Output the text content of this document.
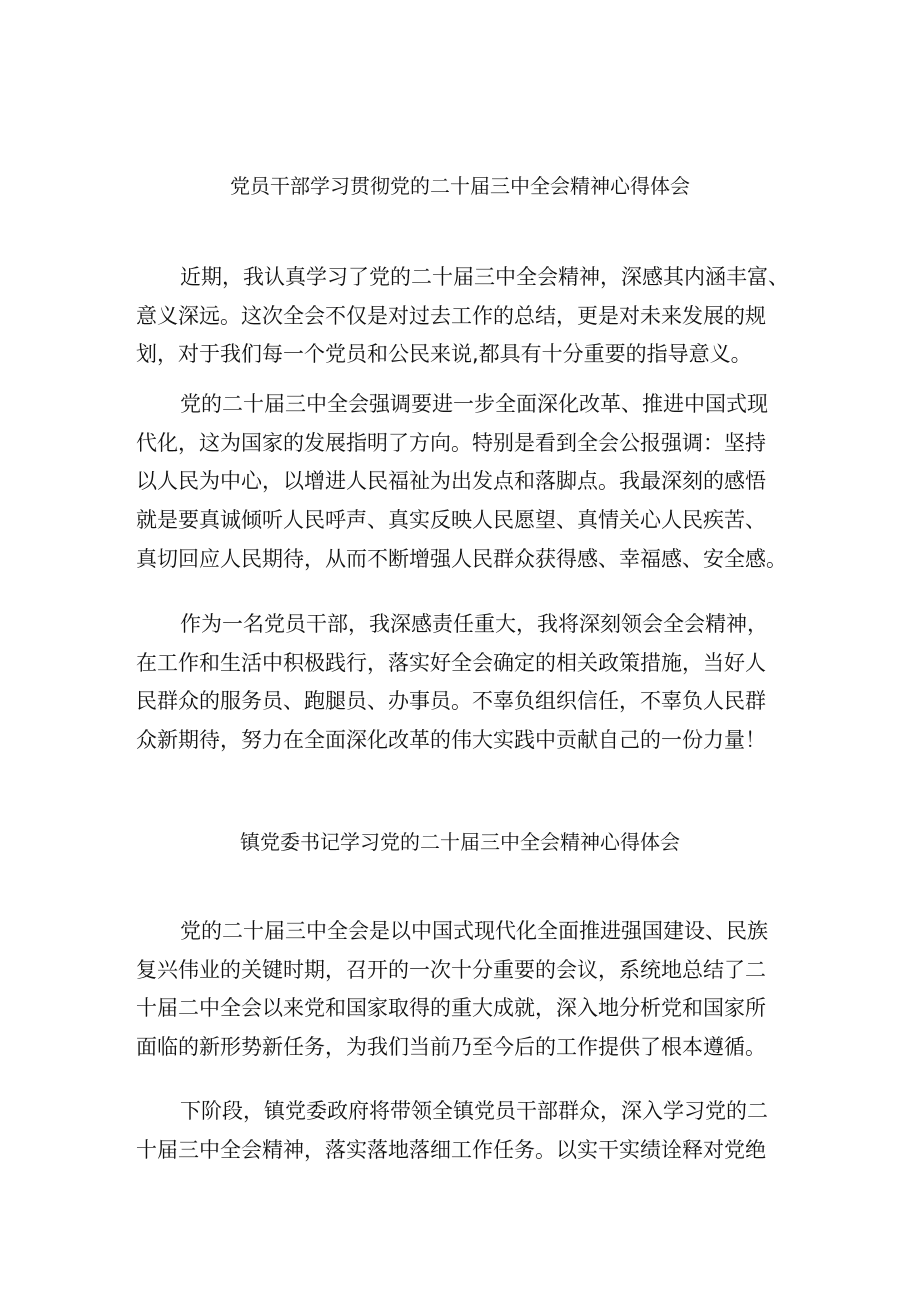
党员干部学习贯彻党的二十届三中全会精神心得体会
近期，我认真学习了党的二十届三中全会精神，深感其内涵丰富、
意义深远。这次全会不仅是对过去工作的总结，更是对未来发展的规
划，对于我们每一个党员和公民来说,都具有十分重要的指导意义。
党的二十届三中全会强调要进一步全面深化改革、推进中国式现
代化，这为国家的发展指明了方向。特别是看到全会公报强调：坚持
以人民为中心，以增进人民福祉为出发点和落脚点。我最深刻的感悟
就是要真诚倾听人民呼声、真实反映人民愿望、真情关心人民疾苦、
真切回应人民期待，从而不断增强人民群众获得感、幸福感、安全感。
作为一名党员干部，我深感责任重大，我将深刻领会全会精神，
在工作和生活中积极践行，落实好全会确定的相关政策措施，当好人
民群众的服务员、跑腿员、办事员。不辜负组织信任，不辜负人民群
众新期待，努力在全面深化改革的伟大实践中贡献自己的一份力量！
镇党委书记学习党的二十届三中全会精神心得体会
党的二十届三中全会是以中国式现代化全面推进强国建设、民族
复兴伟业的关键时期，召开的一次十分重要的会议，系统地总结了二
十届二中全会以来党和国家取得的重大成就，深入地分析党和国家所
面临的新形势新任务，为我们当前乃至今后的工作提供了根本遵循。
下阶段，镇党委政府将带领全镇党员干部群众，深入学习党的二
十届三中全会精神，落实落地落细工作任务。以实干实绩诠释对党绝
